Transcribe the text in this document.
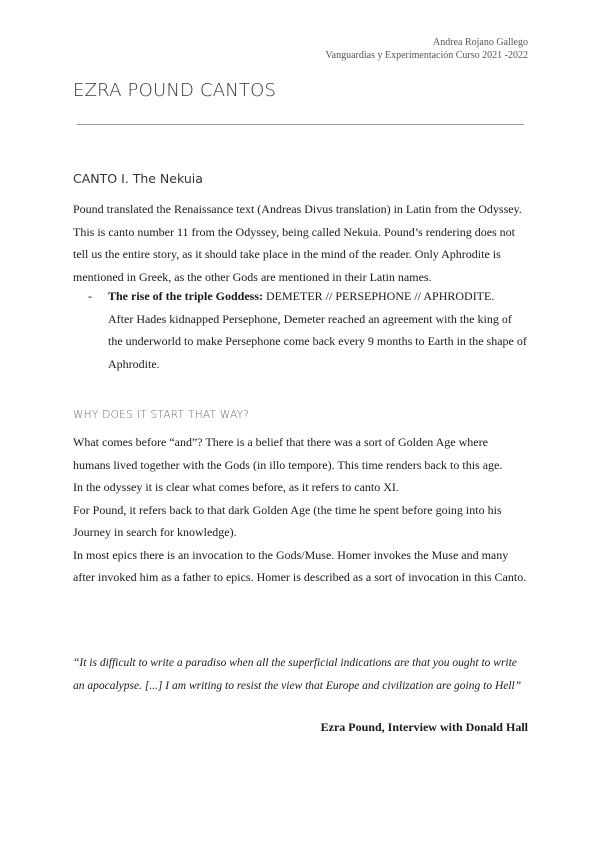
Andrea Rojano Gallego
Vanguardias y Experimentación Curso 2021 -2022
EZRA POUND CANTOS
CANTO I. The Nekuia
Pound translated the Renaissance text (Andreas Divus translation) in Latin from the Odyssey. This is canto number 11 from the Odyssey, being called Nekuia. Pound’s rendering does not tell us the entire story, as it should take place in the mind of the reader. Only Aphrodite is mentioned in Greek, as the other Gods are mentioned in their Latin names.
- The rise of the triple Goddess: DEMETER // PERSEPHONE // APHRODITE.
After Hades kidnapped Persephone, Demeter reached an agreement with the king of the underworld to make Persephone come back every 9 months to Earth in the shape of Aphrodite.
WHY DOES IT START THAT WAY?
What comes before “and”? There is a belief that there was a sort of Golden Age where humans lived together with the Gods (in illo tempore). This time renders back to this age.
In the odyssey it is clear what comes before, as it refers to canto XI.
For Pound, it refers back to that dark Golden Age (the time he spent before going into his Journey in search for knowledge).
In most epics there is an invocation to the Gods/Muse. Homer invokes the Muse and many after invoked him as a father to epics. Homer is described as a sort of invocation in this Canto.
“It is difficult to write a paradiso when all the superficial indications are that you ought to write an apocalypse. [...] I am writing to resist the view that Europe and civilization are going to Hell”
Ezra Pound, Interview with Donald Hall
